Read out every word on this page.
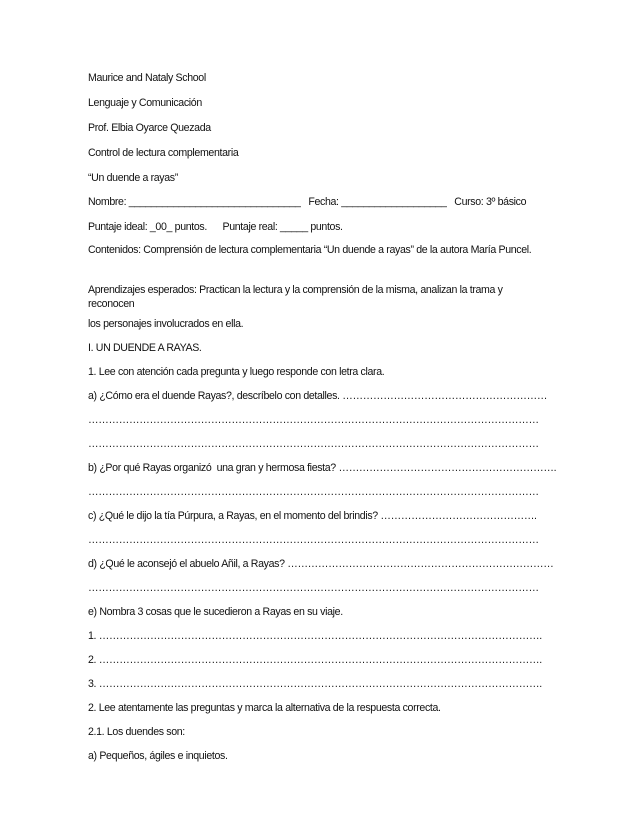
Maurice and Nataly School
Lenguaje y Comunicación
Prof. Elbia Oyarce Quezada
Control de lectura complementaria
“Un duende a rayas”
Nombre: _______________________________   Fecha: ___________________   Curso: 3º básico
Puntaje ideal: _00_ puntos.      Puntaje real: _____ puntos.
Contenidos: Comprensión de lectura complementaria “Un duende a rayas” de la autora María Puncel.
Aprendizajes esperados: Practican la lectura y la comprensión de la misma, analizan la trama y reconocen
los personajes involucrados en ella.
I. UN DUENDE A RAYAS.
1. Lee con atención cada pregunta y luego responde con letra clara.
a) ¿Cómo era el duende Rayas?, descríbelo con detalles. ……………………………………………………
……………………………………………………………………………………………………………………
……………………………………………………………………………………………………………………
b) ¿Por qué Rayas organizó  una gran y hermosa fiesta? ……………………………………………………….
……………………………………………………………………………………………………………………
c) ¿Qué le dijo la tía Púrpura, a Rayas, en el momento del brindis? ……………………………………….
……………………………………………………………………………………………………………………
d) ¿Qué le aconsejó el abuelo Añil, a Rayas? ……………………………………………………………………
……………………………………………………………………………………………………………………
e) Nombra 3 cosas que le sucedieron a Rayas en su viaje.
1. ………………………………………………………………………………………………………………….
2. ………………………………………………………………………………………………………………….
3. ………………………………………………………………………………………………………………….
2. Lee atentamente las preguntas y marca la alternativa de la respuesta correcta.
2.1. Los duendes son:
a) Pequeños, ágiles e inquietos.
